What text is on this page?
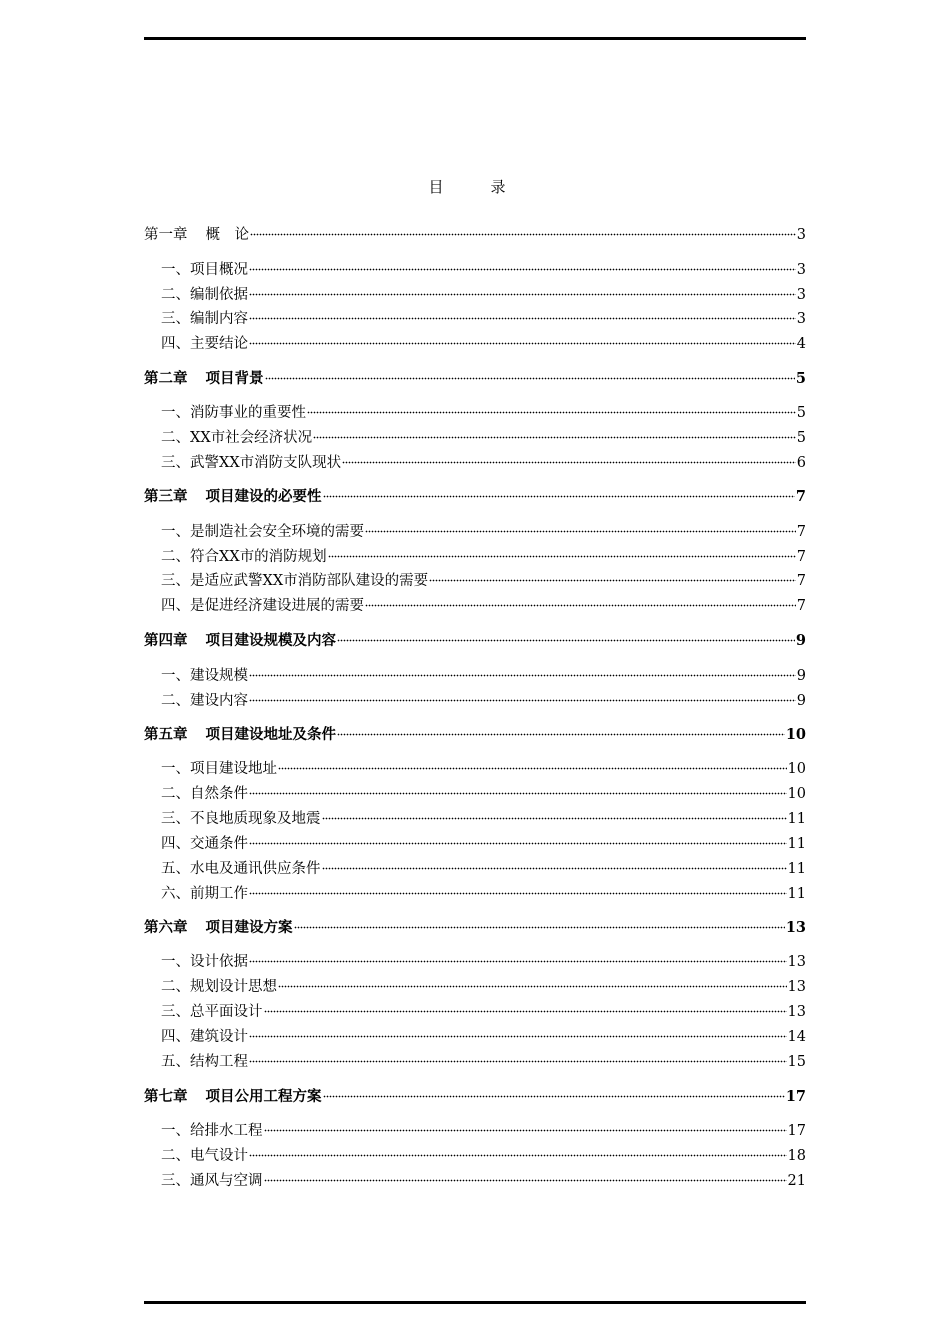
目　录
第一章 概　论	3
一、项目概况	3
二、编制依据	3
三、编制内容	3
四、主要结论	4
第二章 项目背景	5
一、消防事业的重要性	5
二、XX市社会经济状况	5
三、武警XX市消防支队现状	6
第三章 项目建设的必要性	7
一、是制造社会安全环境的需要	7
二、符合XX市的消防规划	7
三、是适应武警XX市消防部队建设的需要	7
四、是促进经济建设进展的需要	7
第四章 项目建设规模及内容	9
一、建设规模	9
二、建设内容	9
第五章 项目建设地址及条件	10
一、项目建设地址	10
二、自然条件	10
三、不良地质现象及地震	11
四、交通条件	11
五、水电及通讯供应条件	11
六、前期工作	11
第六章 项目建设方案	13
一、设计依据	13
二、规划设计思想	13
三、总平面设计	13
四、建筑设计	14
五、结构工程	15
第七章 项目公用工程方案	17
一、给排水工程	17
二、电气设计	18
三、通风与空调	21
